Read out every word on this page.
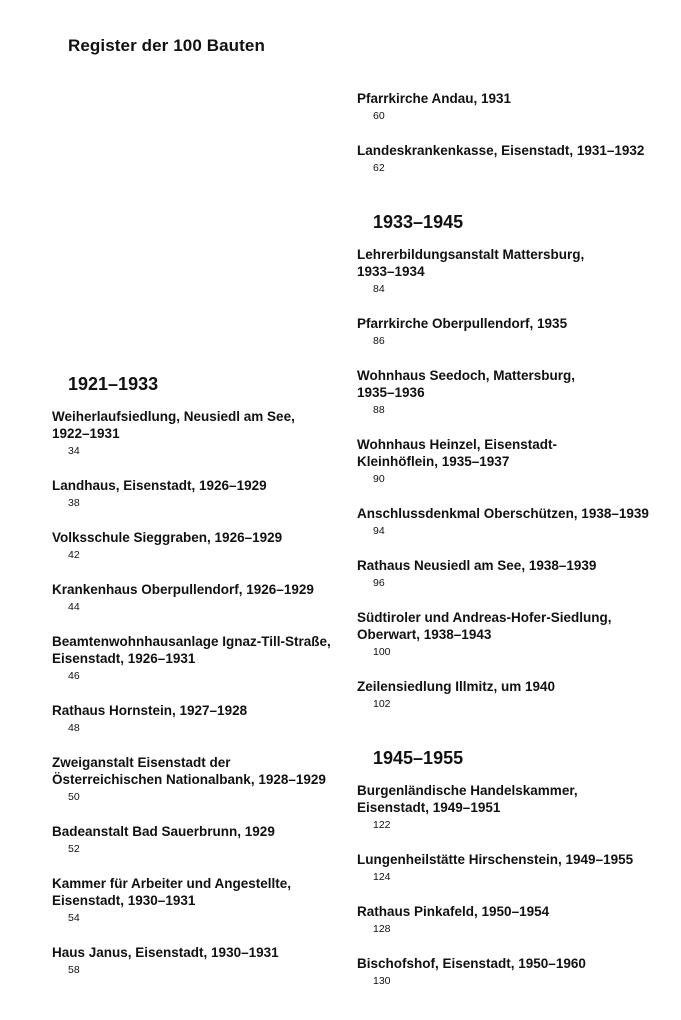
Register der 100 Bauten
1921–1933
Weiherlaufsiedlung, Neusiedl am See,
1922–1931
34
Landhaus, Eisenstadt, 1926–1929
38
Volksschule Sieggraben, 1926–1929
42
Krankenhaus Oberpullendorf, 1926–1929
44
Beamtenwohnhausanlage Ignaz-Till-Straße,
Eisenstadt, 1926–1931
46
Rathaus Hornstein, 1927–1928
48
Zweiganstalt Eisenstadt der
Österreichischen Nationalbank, 1928–1929
50
Badeanstalt Bad Sauerbrunn, 1929
52
Kammer für Arbeiter und Angestellte,
Eisenstadt, 1930–1931
54
Haus Janus, Eisenstadt, 1930–1931
58
Pfarrkirche Andau, 1931
60
Landeskrankenkasse, Eisenstadt, 1931–1932
62
1933–1945
Lehrerbildungsanstalt Mattersburg,
1933–1934
84
Pfarrkirche Oberpullendorf, 1935
86
Wohnhaus Seedoch, Mattersburg,
1935–1936
88
Wohnhaus Heinzel, Eisenstadt-
Kleinhöflein, 1935–1937
90
Anschlussdenkmal Oberschützen, 1938–1939
94
Rathaus Neusiedl am See, 1938–1939
96
Südtiroler und Andreas-Hofer-Siedlung,
Oberwart, 1938–1943
100
Zeilensiedlung Illmitz, um 1940
102
1945–1955
Burgenländische Handelskammer,
Eisenstadt, 1949–1951
122
Lungenheilstätte Hirschenstein, 1949–1955
124
Rathaus Pinkafeld, 1950–1954
128
Bischofshof, Eisenstadt, 1950–1960
130
